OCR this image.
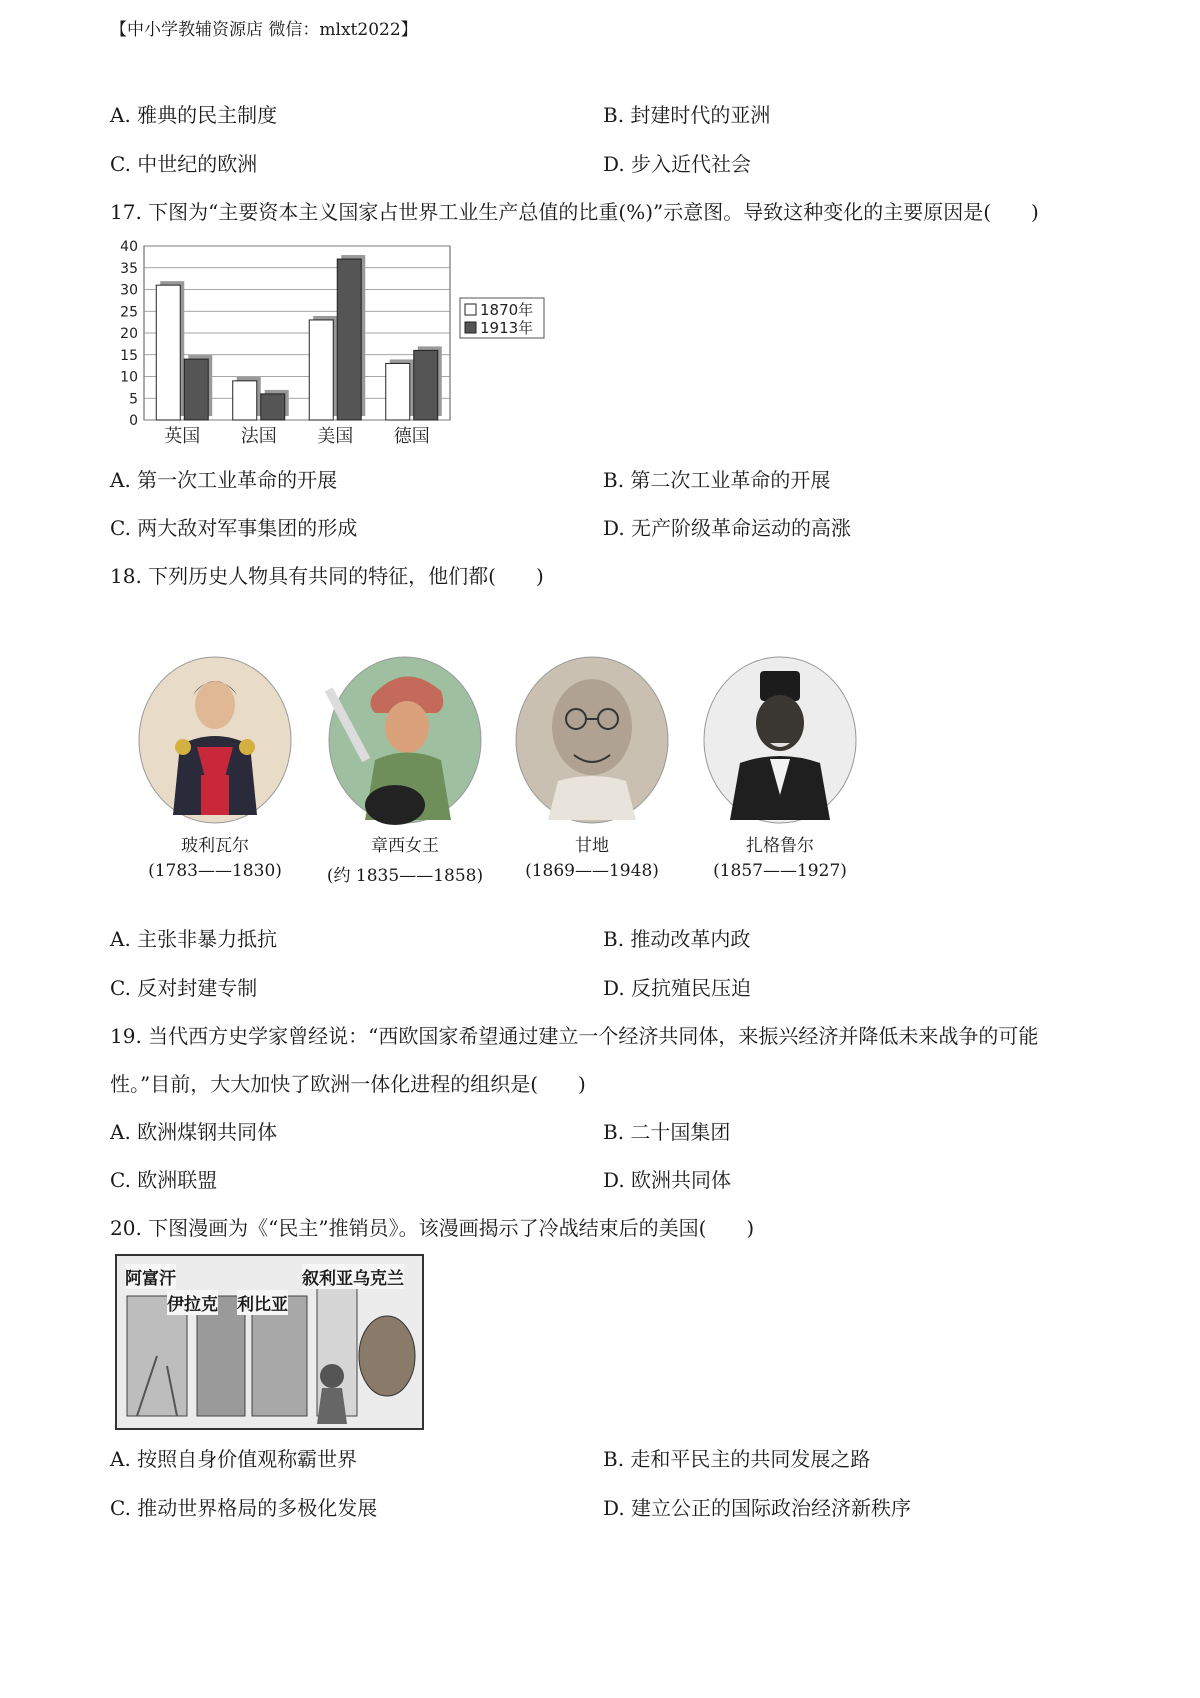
【中小学教辅资源店 微信：mlxt2022】
A. 雅典的民主制度	B. 封建时代的亚洲
C. 中世纪的欧洲	D. 步入近代社会
17. 下图为“主要资本主义国家占世界工业生产总值的比重(%)”示意图。导致这种变化的主要原因是(　　)
0
5
10
15
20
25
30
35
40
英国 法国 美国 德国
1870年
1913年
A. 第一次工业革命的开展	B. 第二次工业革命的开展
C. 两大敌对军事集团的形成	D. 无产阶级革命运动的高涨
18. 下列历史人物具有共同的特征，他们都(　　)
玻利瓦尔
(1783——1830)
章西女王
(约 1835——1858)
甘地
(1869——1948)
扎格鲁尔
(1857——1927)
A. 主张非暴力抵抗	B. 推动改革内政
C. 反对封建专制	D. 反抗殖民压迫
19. 当代西方史学家曾经说：“西欧国家希望通过建立一个经济共同体，来振兴经济并降低未来战争的可能
性。”目前，大大加快了欧洲一体化进程的组织是(　　)
A. 欧洲煤钢共同体	B. 二十国集团
C. 欧洲联盟	D. 欧洲共同体
20. 下图漫画为《“民主”推销员》。该漫画揭示了冷战结束后的美国(　　)
阿富汗	叙利亚乌克兰
伊拉克 利比亚
A. 按照自身价值观称霸世界	B. 走和平民主的共同发展之路
C. 推动世界格局的多极化发展	D. 建立公正的国际政治经济新秩序
